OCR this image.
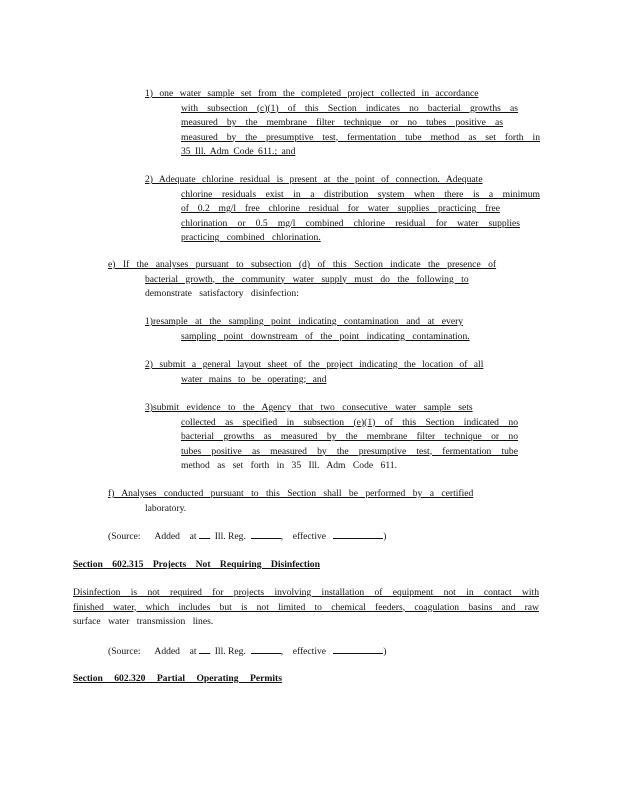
1) one water sample set from the completed project collected in accordance
with subsection (c)(1) of this Section indicates no bacterial growths as
measured by the membrane filter technique or no tubes positive as
measured by the presumptive test, fermentation tube method as set forth in
35 Ill. Adm Code 611.; and
2) Adequate chlorine residual is present at the point of connection. Adequate
chlorine residuals exist in a distribution system when there is a minimum
of 0.2 mg/l free chlorine residual for water supplies practicing free
chlorination or 0.5 mg/l combined chlorine residual for water supplies
practicing combined chlorination.
e) If the analyses pursuant to subsection (d) of this Section indicate the presence of
bacterial growth, the community water supply must do the following to
demonstrate satisfactory disinfection:
1)resample at the sampling point indicating contamination and at every
sampling point downstream of the point indicating contamination.
2) submit a general layout sheet of the project indicating the location of all
water mains to be operating; and
3)submit evidence to the Agency that two consecutive water sample sets
collected as specified in subsection (e)(1) of this Section indicated no
bacterial growths as measured by the membrane filter technique or no
tubes positive as measured by the presumptive test, fermentation tube
method as set forth in 35 Ill. Adm Code 611.
f) Analyses conducted pursuant to this Section shall be performed by a certified
laboratory.
(Source: Added at Ill. Reg.	,    effective	)
Section 602.315 Projects Not Requiring Disinfection
Disinfection is not required for projects involving installation of equipment not in contact with
finished water, which includes but is not limited to chemical feeders, coagulation basins and raw
surface water transmission lines.
(Source: Added at Ill. Reg.	,    effective	)
Section 602.320 Partial Operating Permits
